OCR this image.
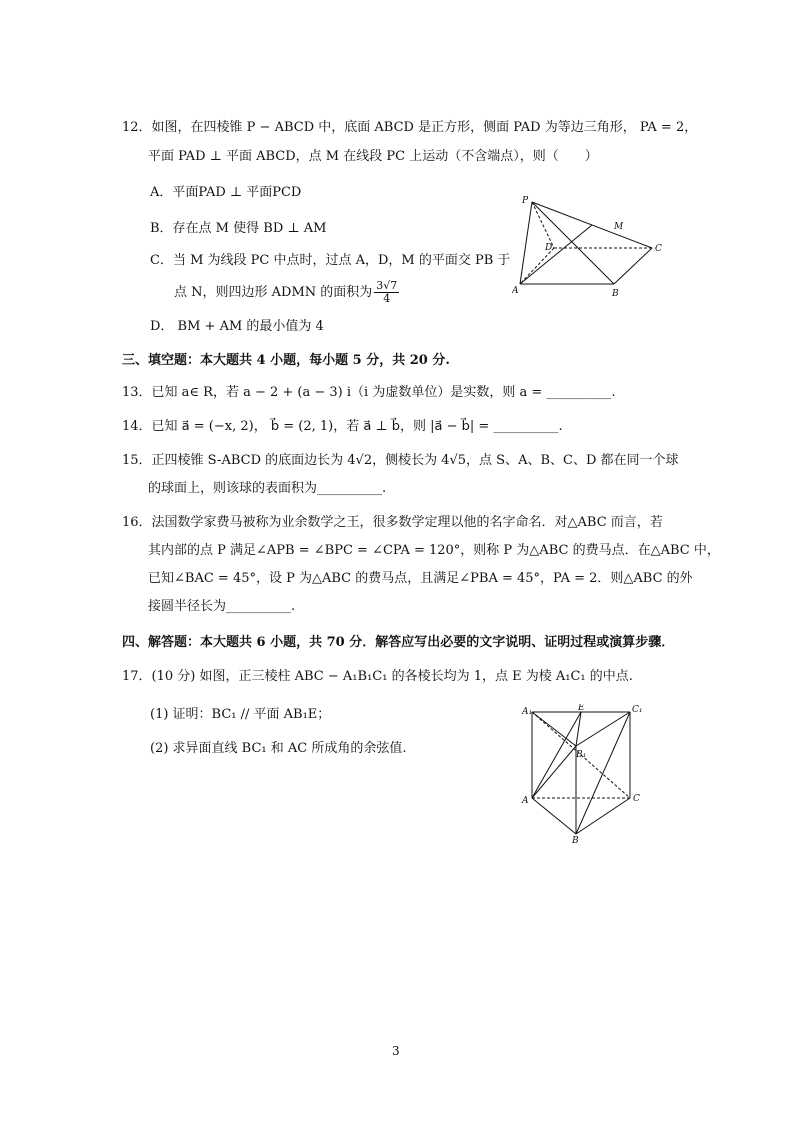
12．如图，在四棱锥 P − ABCD 中，底面 ABCD 是正方形，侧面 PAD 为等边三角形， PA = 2，
平面 PAD ⊥ 平面 ABCD，点 M 在线段 PC 上运动（不含端点），则（　　）
A．平面PAD ⊥ 平面PCD
B．存在点 M 使得 BD ⊥ AM
C．当 M 为线段 PC 中点时，过点 A，D，M 的平面交 PB 于
点 N，则四边形 ADMN 的面积为 $\frac{3√7}{4}$
D． BM + AM 的最小值为 4
P
M
D	C
A	B
三、填空题：本大题共 4 小题，每小题 5 分，共 20 分.
13．已知 a∈ R，若 a − 2 + (a − 3) i（i 为虚数单位）是实数，则 a = __________.
14．已知 a⃗ = (−x, 2)， b⃗ = (2, 1)，若 a⃗ ⊥ b⃗，则 |a⃗ − b⃗| = __________.
15．正四棱锥 S-ABCD 的底面边长为 4√2，侧棱长为 4√5，点 S、A、B、C、D 都在同一个球
的球面上，则该球的表面积为__________.
16．法国数学家费马被称为业余数学之王，很多数学定理以他的名字命名．对△ABC 而言，若
其内部的点 P 满足∠APB = ∠BPC = ∠CPA = 120°，则称 P 为△ABC 的费马点．在△ABC 中，
已知∠BAC = 45°，设 P 为△ABC 的费马点，且满足∠PBA = 45°，PA = 2．则△ABC 的外
接圆半径长为__________.
四、解答题：本大题共 6 小题，共 70 分．解答应写出必要的文字说明、证明过程或演算步骤．
17．(10 分) 如图，正三棱柱 ABC − A₁B₁C₁ 的各棱长均为 1，点 E 为棱 A₁C₁ 的中点.
(1) 证明：BC₁ // 平面 AB₁E；
(2) 求异面直线 BC₁ 和 AC 所成角的余弦值.
A₁	E	C₁
B₁
A	C
B
3
